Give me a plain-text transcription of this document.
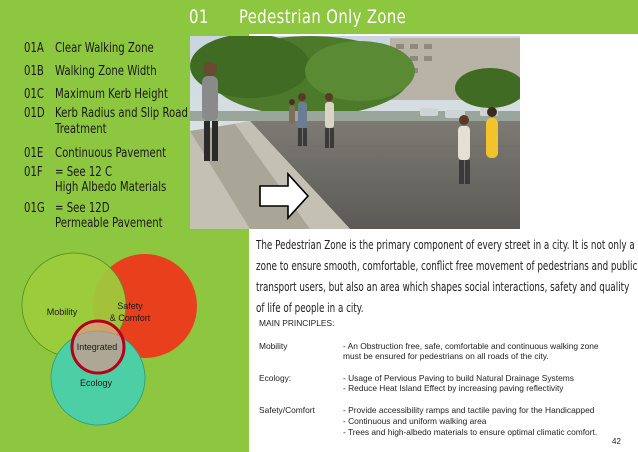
01 Pedestrian Only Zone
01A Clear Walking Zone
01B Walking Zone Width
01C Maximum Kerb Height
01D Kerb Radius and Slip Road
Treatment
01E Continuous Pavement
01F = See 12 C
High Albedo Materials
01G = See 12D
Permeable Pavement
Mobility
Safety
& Comfort
Integrated
Ecology
The Pedestrian Zone is the primary component of every street in a city. It is not only a zone to ensure smooth, comfortable, conflict free movement of pedestrians and public transport users, but also an area which shapes social interactions, safety and quality of life of people in a city.
MAIN PRINCIPLES:
Mobility	- An Obstruction free, safe, comfortable and continuous walking zone
must be ensured for pedestrians on all roads of the city.
Ecology:	- Usage of Pervious Paving to build Natural Drainage Systems
- Reduce Heat Island Effect by increasing paving reflectivity
Safety/Comfort	- Provide accessibility ramps and tactile paving for the Handicapped
- Continuous and uniform walking area
- Trees and high-albedo materials to ensure optimal climatic comfort.
42
